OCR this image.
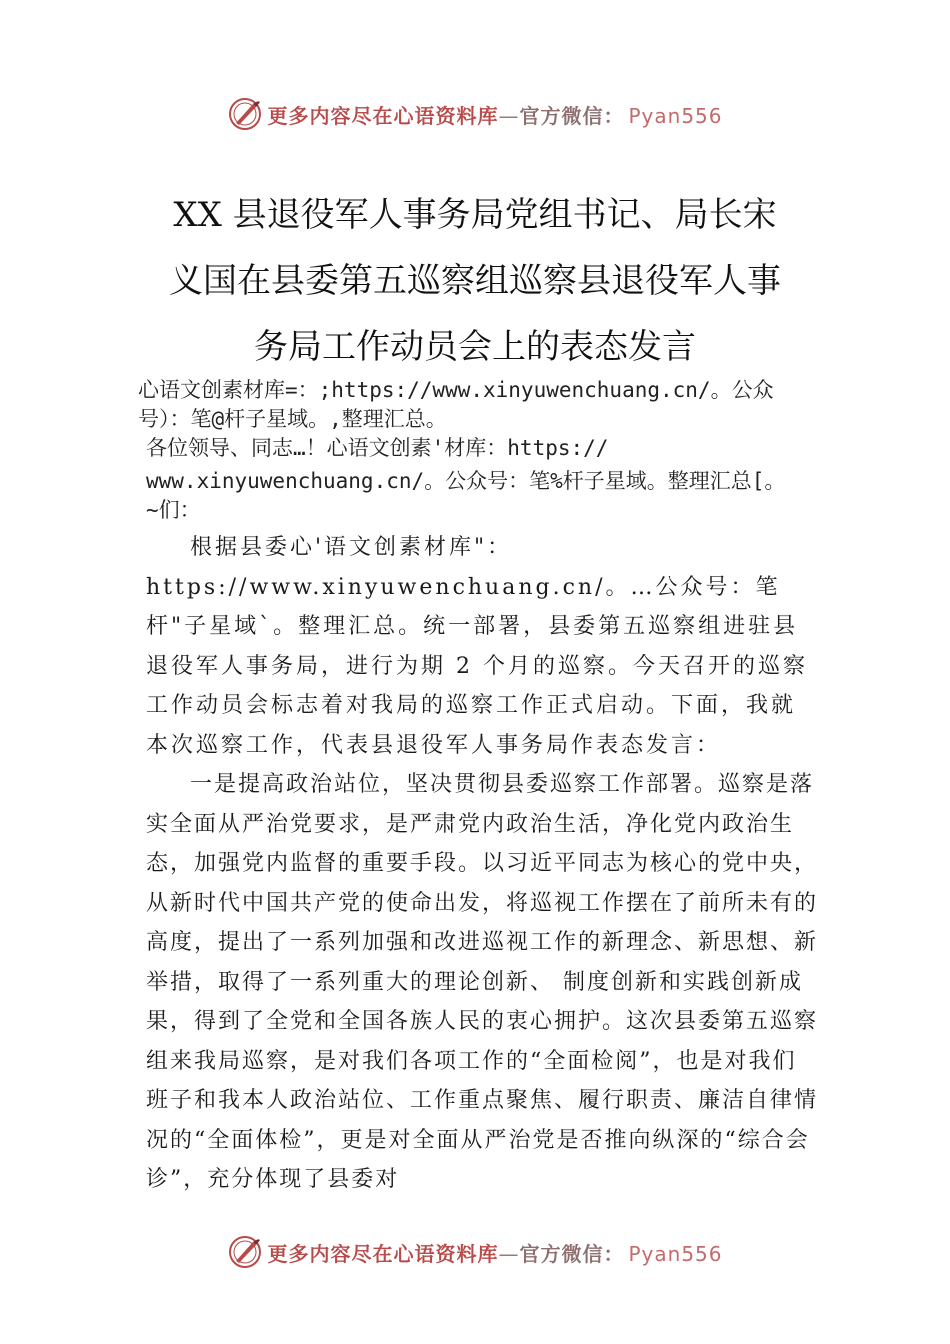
更多内容尽在心语资料库—官方微信： Pyan556
XX 县退役军人事务局党组书记、局长宋
义国在县委第五巡察组巡察县退役军人事
务局工作动员会上的表态发言
心语文创素材库=：;https://www.xinyuwenchuang.cn/。公众
号）：笔@杆子星域。,整理汇总。
各位领导、同志…！心语文创素'材库：https://
www.xinyuwenchuang.cn/。公众号：笔%杆子星域。整理汇总[。
~们：

根据县委心'语文创素材库"：https://www.xinyuwenchuang.cn/。…公众号：笔杆"子星域`。整理汇总。统一部署，县委第五巡察组进驻县退役军人事务局，进行为期 2 个月的巡察。今天召开的巡察工作动员会标志着对我局的巡察工作正式启动。下面，我就本次巡察工作，代表县退役军人事务局作表态发言：

一是提高政治站位，坚决贯彻县委巡察工作部署。巡察是落实全面从严治党要求，是严肃党内政治生活，净化党内政治生态，加强党内监督的重要手段。以习近平同志为核心的党中央，从新时代中国共产党的使命出发，将巡视工作摆在了前所未有的高度，提出了一系列加强和改进巡视工作的新理念、新思想、新举措，取得了一系列重大的理论创新、 制度创新和实践创新成果，得到了全党和全国各族人民的衷心拥护。这次县委第五巡察组来我局巡察，是对我们各项工作的“全面检阅”，也是对我们班子和我本人政治站位、工作重点聚焦、履行职责、廉洁自律情况的“全面体检”，更是对全面从严治党是否推向纵深的“综合会诊”，充分体现了县委对

更多内容尽在心语资料库—官方微信： Pyan556
